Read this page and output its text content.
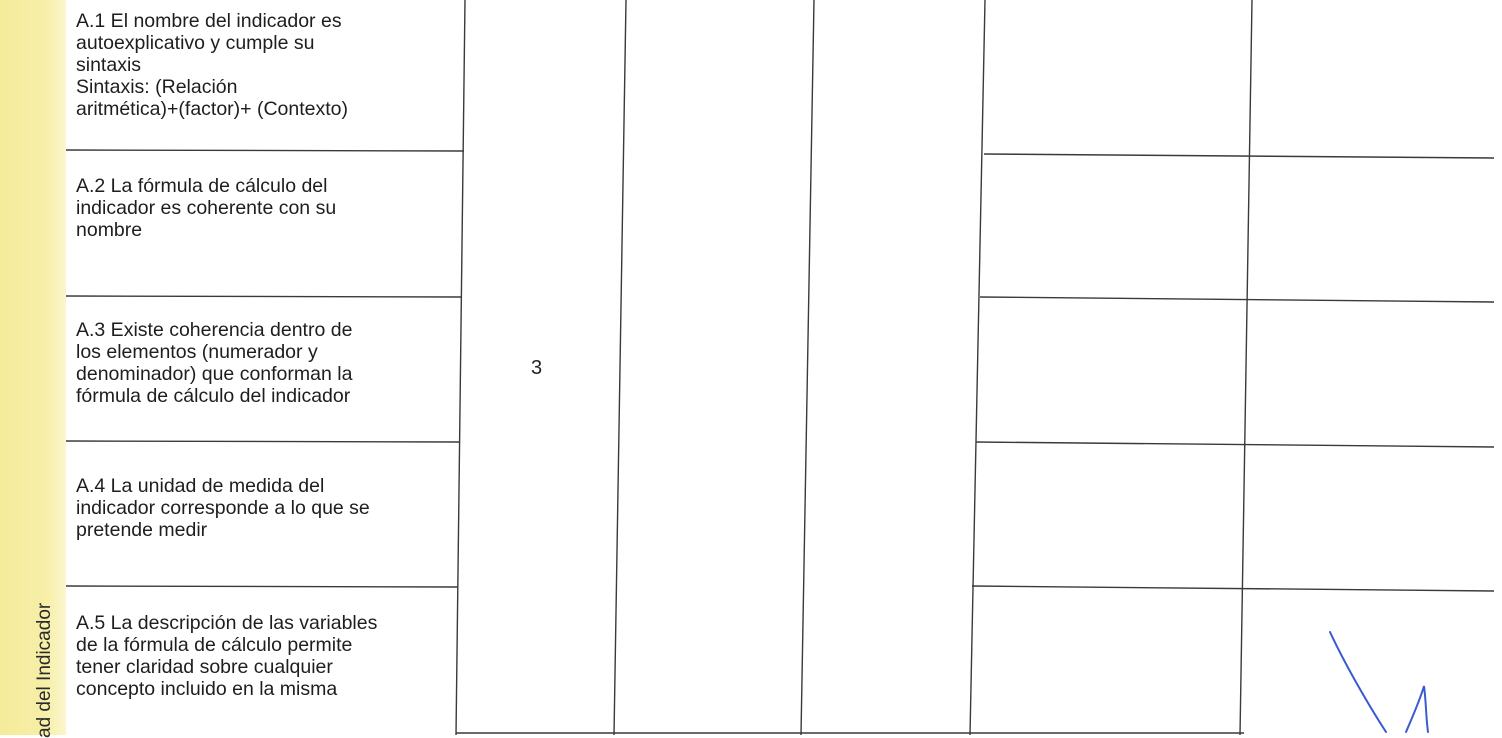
ad del Indicador
A.1 El nombre del indicador es
autoexplicativo y cumple su
sintaxis
Sintaxis: (Relación
aritmética)+(factor)+ (Contexto)
A.2 La fórmula de cálculo del
indicador es coherente con su
nombre
A.3 Existe coherencia dentro de
los elementos (numerador y
denominador) que conforman la
fórmula de cálculo del indicador
A.4 La unidad de medida del
indicador corresponde a lo que se
pretende medir
A.5 La descripción de las variables
de la fórmula de cálculo permite
tener claridad sobre cualquier
concepto incluido en la misma
3
